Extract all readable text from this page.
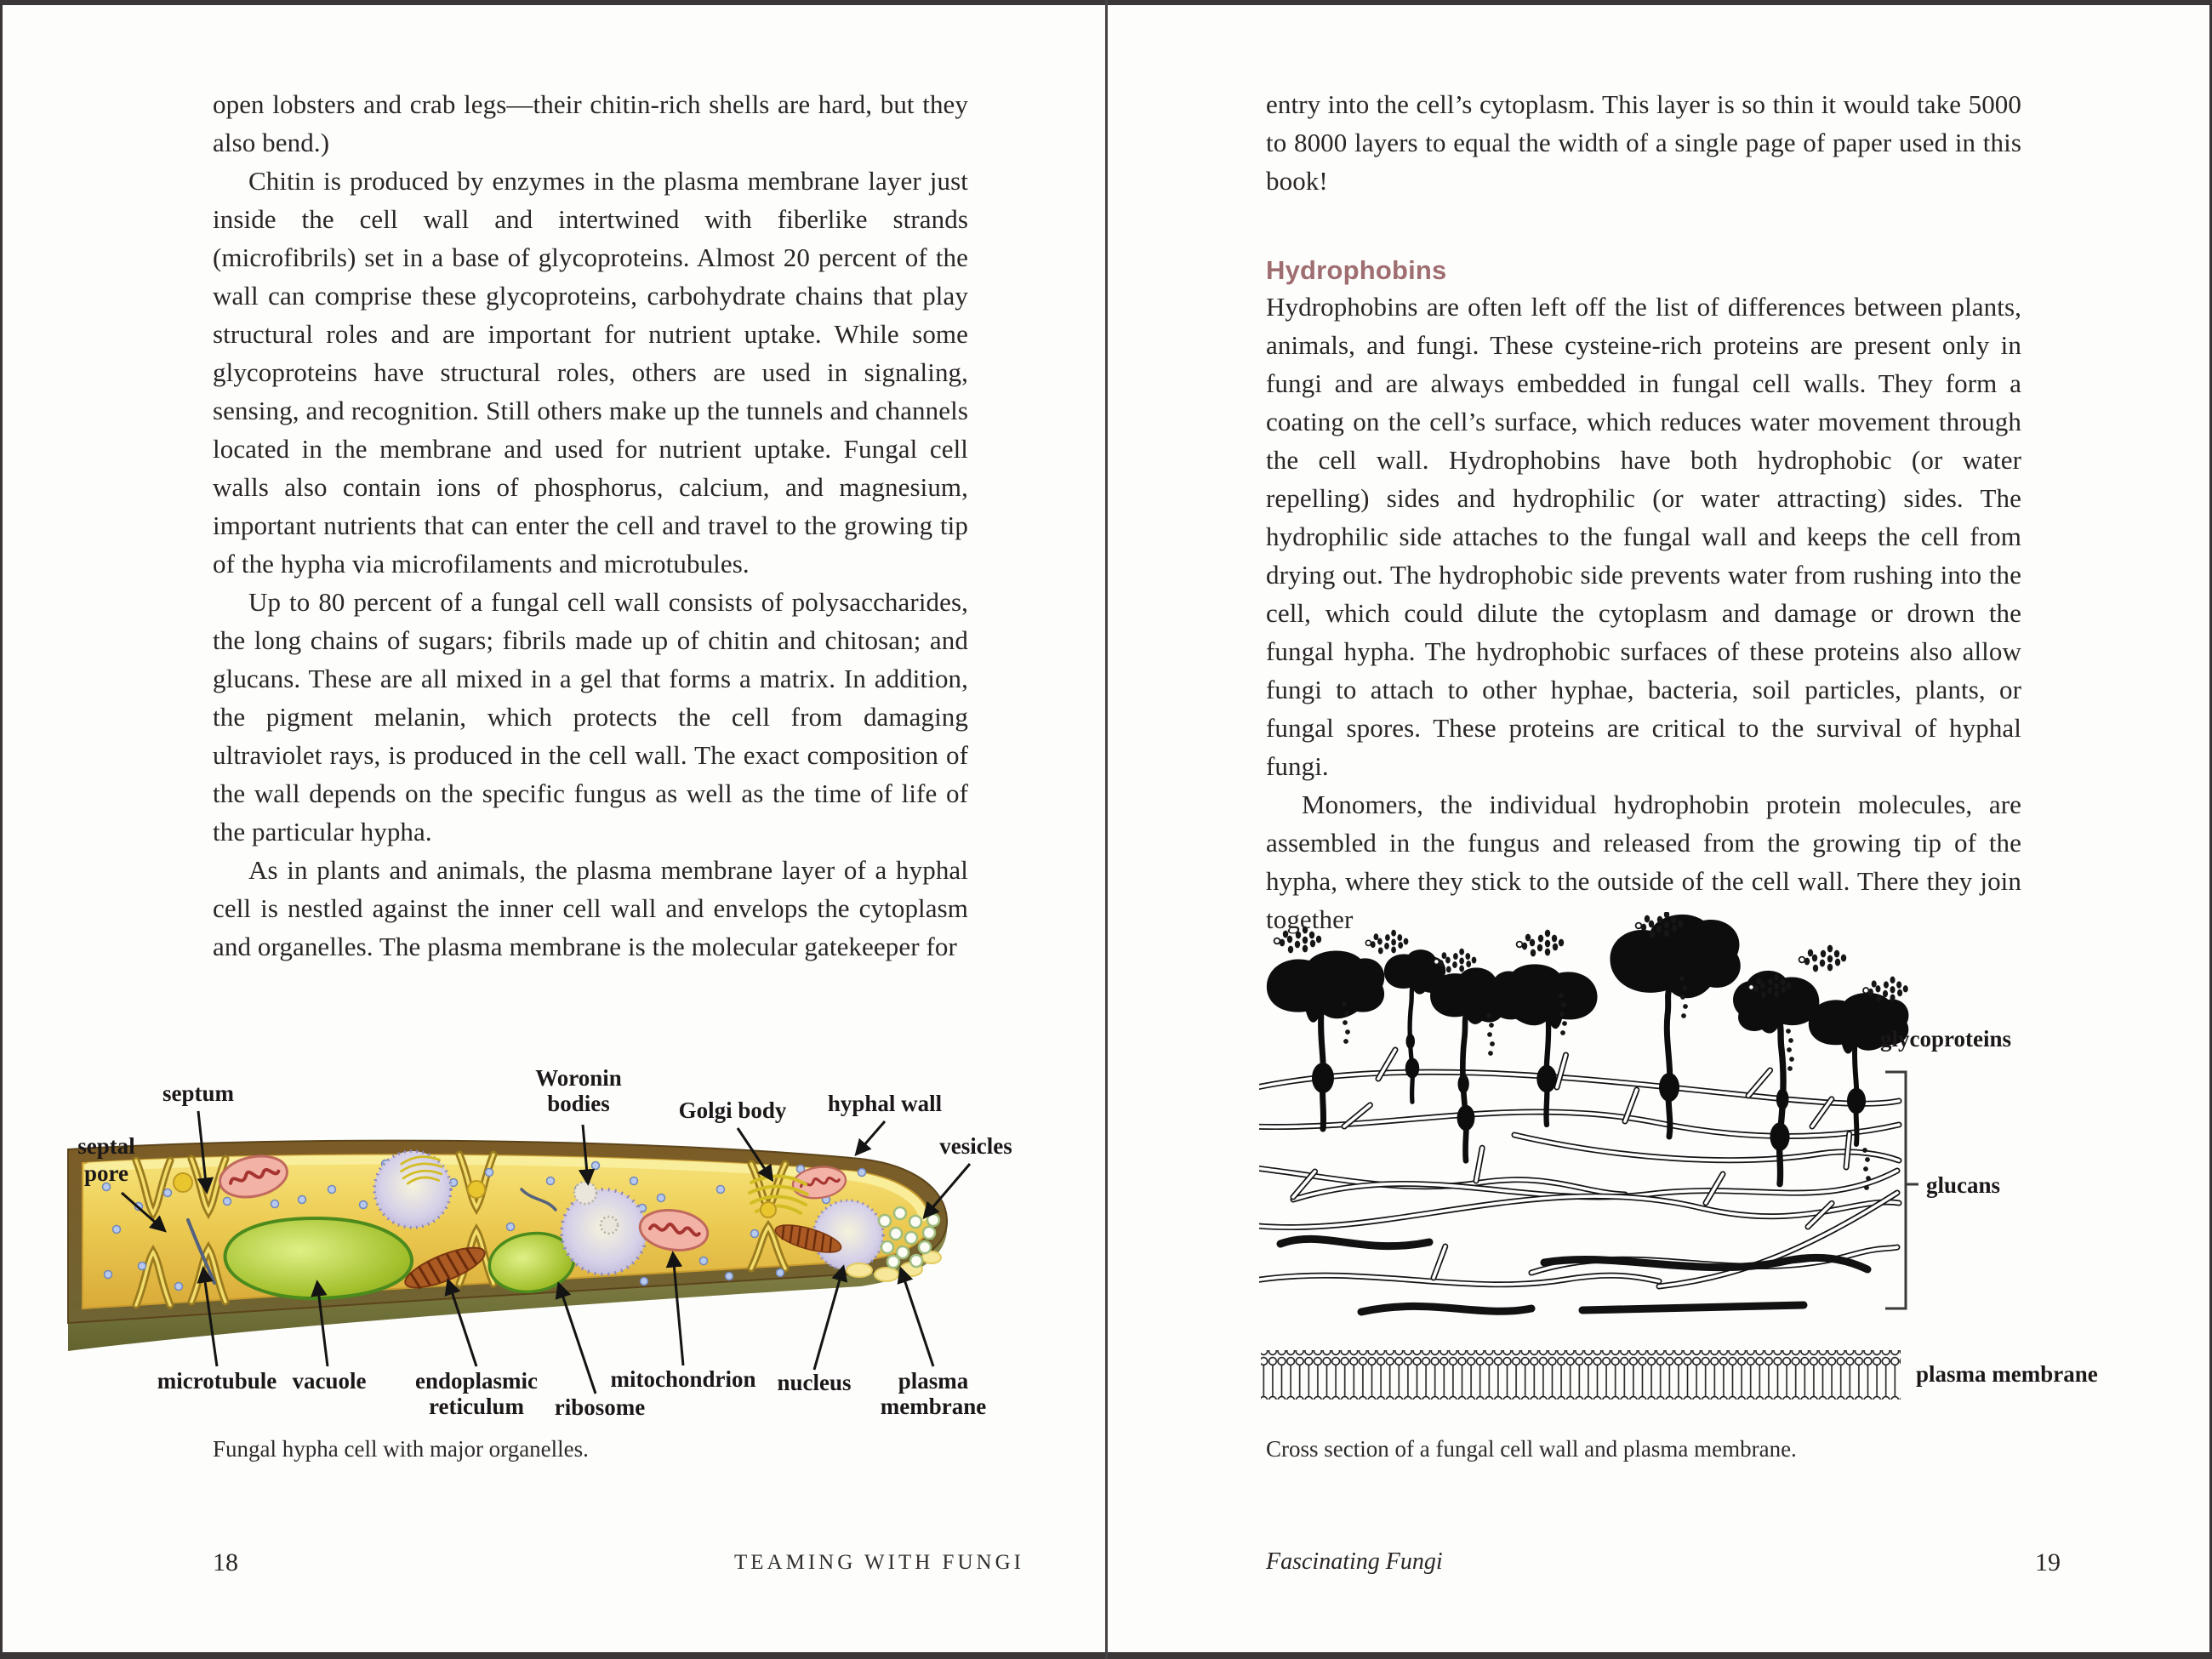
open lobsters and crab legs—their chitin-rich shells are hard, but they also bend.)

Chitin is produced by enzymes in the plasma membrane layer just inside the cell wall and intertwined with fiberlike strands (microfibrils) set in a base of glycoproteins. Almost 20 percent of the wall can comprise these glycoproteins, carbohydrate chains that play structural roles and are important for nutrient uptake. While some glycoproteins have structural roles, others are used in signaling, sensing, and recognition. Still others make up the tunnels and channels located in the membrane and used for nutrient uptake. Fungal cell walls also contain ions of phosphorus, calcium, and magnesium, important nutrients that can enter the cell and travel to the growing tip of the hypha via microfilaments and microtubules.

Up to 80 percent of a fungal cell wall consists of polysaccharides, the long chains of sugars; fibrils made up of chitin and chitosan; and glucans. These are all mixed in a gel that forms a matrix. In addition, the pigment melanin, which protects the cell from damaging ultraviolet rays, is produced in the cell wall. The exact composition of the wall depends on the specific fungus as well as the time of life of the particular hypha.

As in plants and animals, the plasma membrane layer of a hyphal cell is nestled against the inner cell wall and envelops the cytoplasm and organelles. The plasma membrane is the molecular gatekeeper for

septum
septal
pore
Woronin
bodies	Golgi body hyphal wall
vesicles
microtubule vacuole endoplasmic
reticulum ribosome
mitochondrion nucleus plasma
membrane
Fungal hypha cell with major organelles.
18	TEAMING WITH FUNGI

entry into the cell’s cytoplasm. This layer is so thin it would take 5000 to 8000 layers to equal the width of a single page of paper used in this book!

Hydrophobins

Hydrophobins are often left off the list of differences between plants, animals, and fungi. These cysteine-rich proteins are present only in fungi and are always embedded in fungal cell walls. They form a coating on the cell’s surface, which reduces water movement through the cell wall. Hydrophobins have both hydrophobic (or water repelling) sides and hydrophilic (or water attracting) sides. The hydrophilic side attaches to the fungal wall and keeps the cell from drying out. The hydrophobic side prevents water from rushing into the cell, which could dilute the cytoplasm and damage or drown the fungal hypha. The hydrophobic surfaces of these proteins also allow fungi to attach to other hyphae, bacteria, soil particles, plants, or fungal spores. These proteins are critical to the survival of hyphal fungi.

Monomers, the individual hydrophobin protein molecules, are assembled in the fungus and released from the growing tip of the hypha, where they stick to the outside of the cell wall. There they join together

glycoproteins
glucans
plasma membrane
Cross section of a fungal cell wall and plasma membrane.
Fascinating Fungi	19
